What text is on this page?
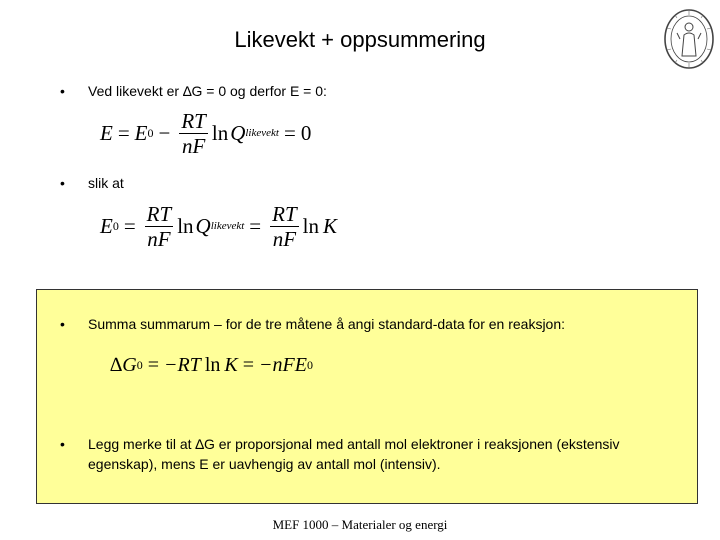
Likevekt + oppsummering
• Ved likevekt er ∆G = 0 og derfor E = 0:
E = E $0 - \frac{RT}{nF}$ ln Q likevekt = 0
• slik at
E $0 = \frac{RT}{nF}$ ln Q likevekt = $\frac{RT}{nF}$ ln K
• Summa summarum – for de tre måtene å angi standard-data for en reaksjon:
∆G 0 = −RT ln K = −nFE 0
• Legg merke til at ∆G er proporsjonal med antall mol elektroner i reaksjonen (ekstensiv egenskap), mens E er uavhengig av antall mol (intensiv).
MEF 1000 – Materialer og energi
